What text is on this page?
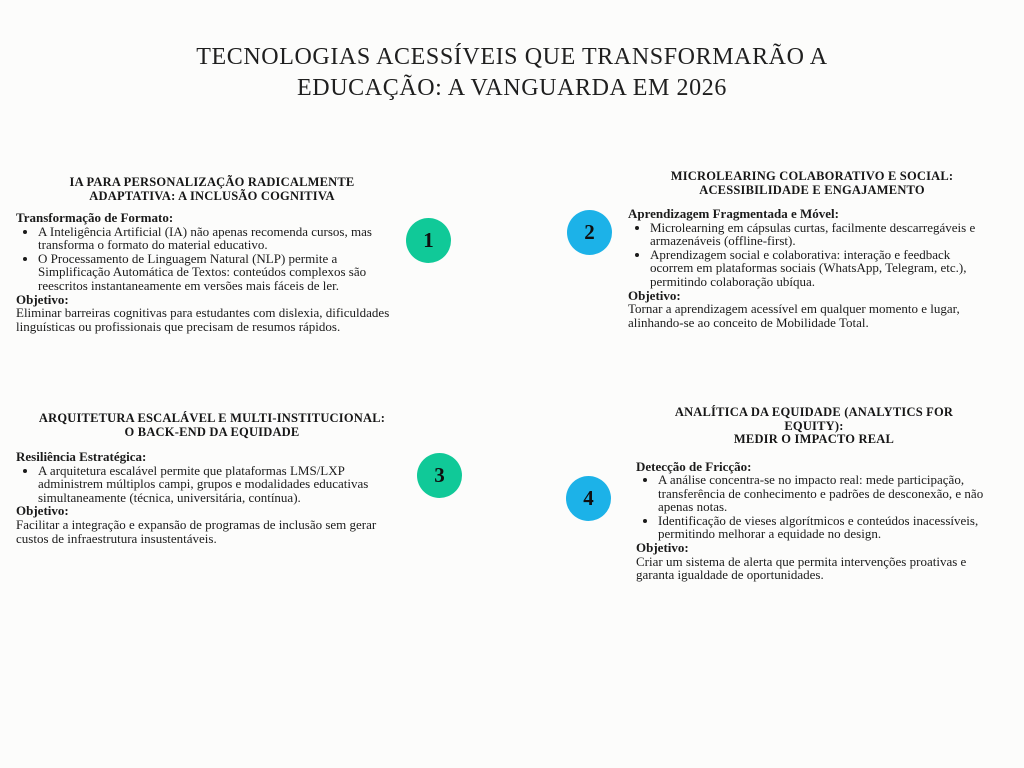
TECNOLOGIAS ACESSÍVEIS QUE TRANSFORMARÃO A
EDUCAÇÃO: A VANGUARDA EM 2026
IA PARA PERSONALIZAÇÃO RADICALMENTE
ADAPTATIVA: A INCLUSÃO COGNITIVA
Transformação de Formato:
• A Inteligência Artificial (IA) não apenas recomenda cursos, mas transforma o formato do material educativo.
• O Processamento de Linguagem Natural (NLP) permite a Simplificação Automática de Textos: conteúdos complexos são reescritos instantaneamente em versões mais fáceis de ler.
Objetivo:
Eliminar barreiras cognitivas para estudantes com dislexia, dificuldades linguísticas ou profissionais que precisam de resumos rápidos.
MICROLEARING COLABORATIVO E SOCIAL:
ACESSIBILIDADE E ENGAJAMENTO
Aprendizagem Fragmentada e Móvel:
• Microlearning em cápsulas curtas, facilmente descarregáveis e armazenáveis (offline-first).
• Aprendizagem social e colaborativa: interação e feedback ocorrem em plataformas sociais (WhatsApp, Telegram, etc.), permitindo colaboração ubíqua.
Objetivo:
Tornar a aprendizagem acessível em qualquer momento e lugar, alinhando-se ao conceito de Mobilidade Total.
ARQUITETURA ESCALÁVEL E MULTI-INSTITUCIONAL:
O BACK-END DA EQUIDADE
Resiliência Estratégica:
• A arquitetura escalável permite que plataformas LMS/LXP administrem múltiplos campi, grupos e modalidades educativas simultaneamente (técnica, universitária, contínua).
Objetivo:
Facilitar a integração e expansão de programas de inclusão sem gerar custos de infraestrutura insustentáveis.
ANALÍTICA DA EQUIDADE (ANALYTICS FOR
EQUITY):
MEDIR O IMPACTO REAL
Detecção de Fricção:
• A análise concentra-se no impacto real: mede participação, transferência de conhecimento e padrões de desconexão, e não apenas notas.
• Identificação de vieses algorítmicos e conteúdos inacessíveis, permitindo melhorar a equidade no design.
Objetivo:
Criar um sistema de alerta que permita intervenções proativas e garanta igualdade de oportunidades.
1	2
3
4
